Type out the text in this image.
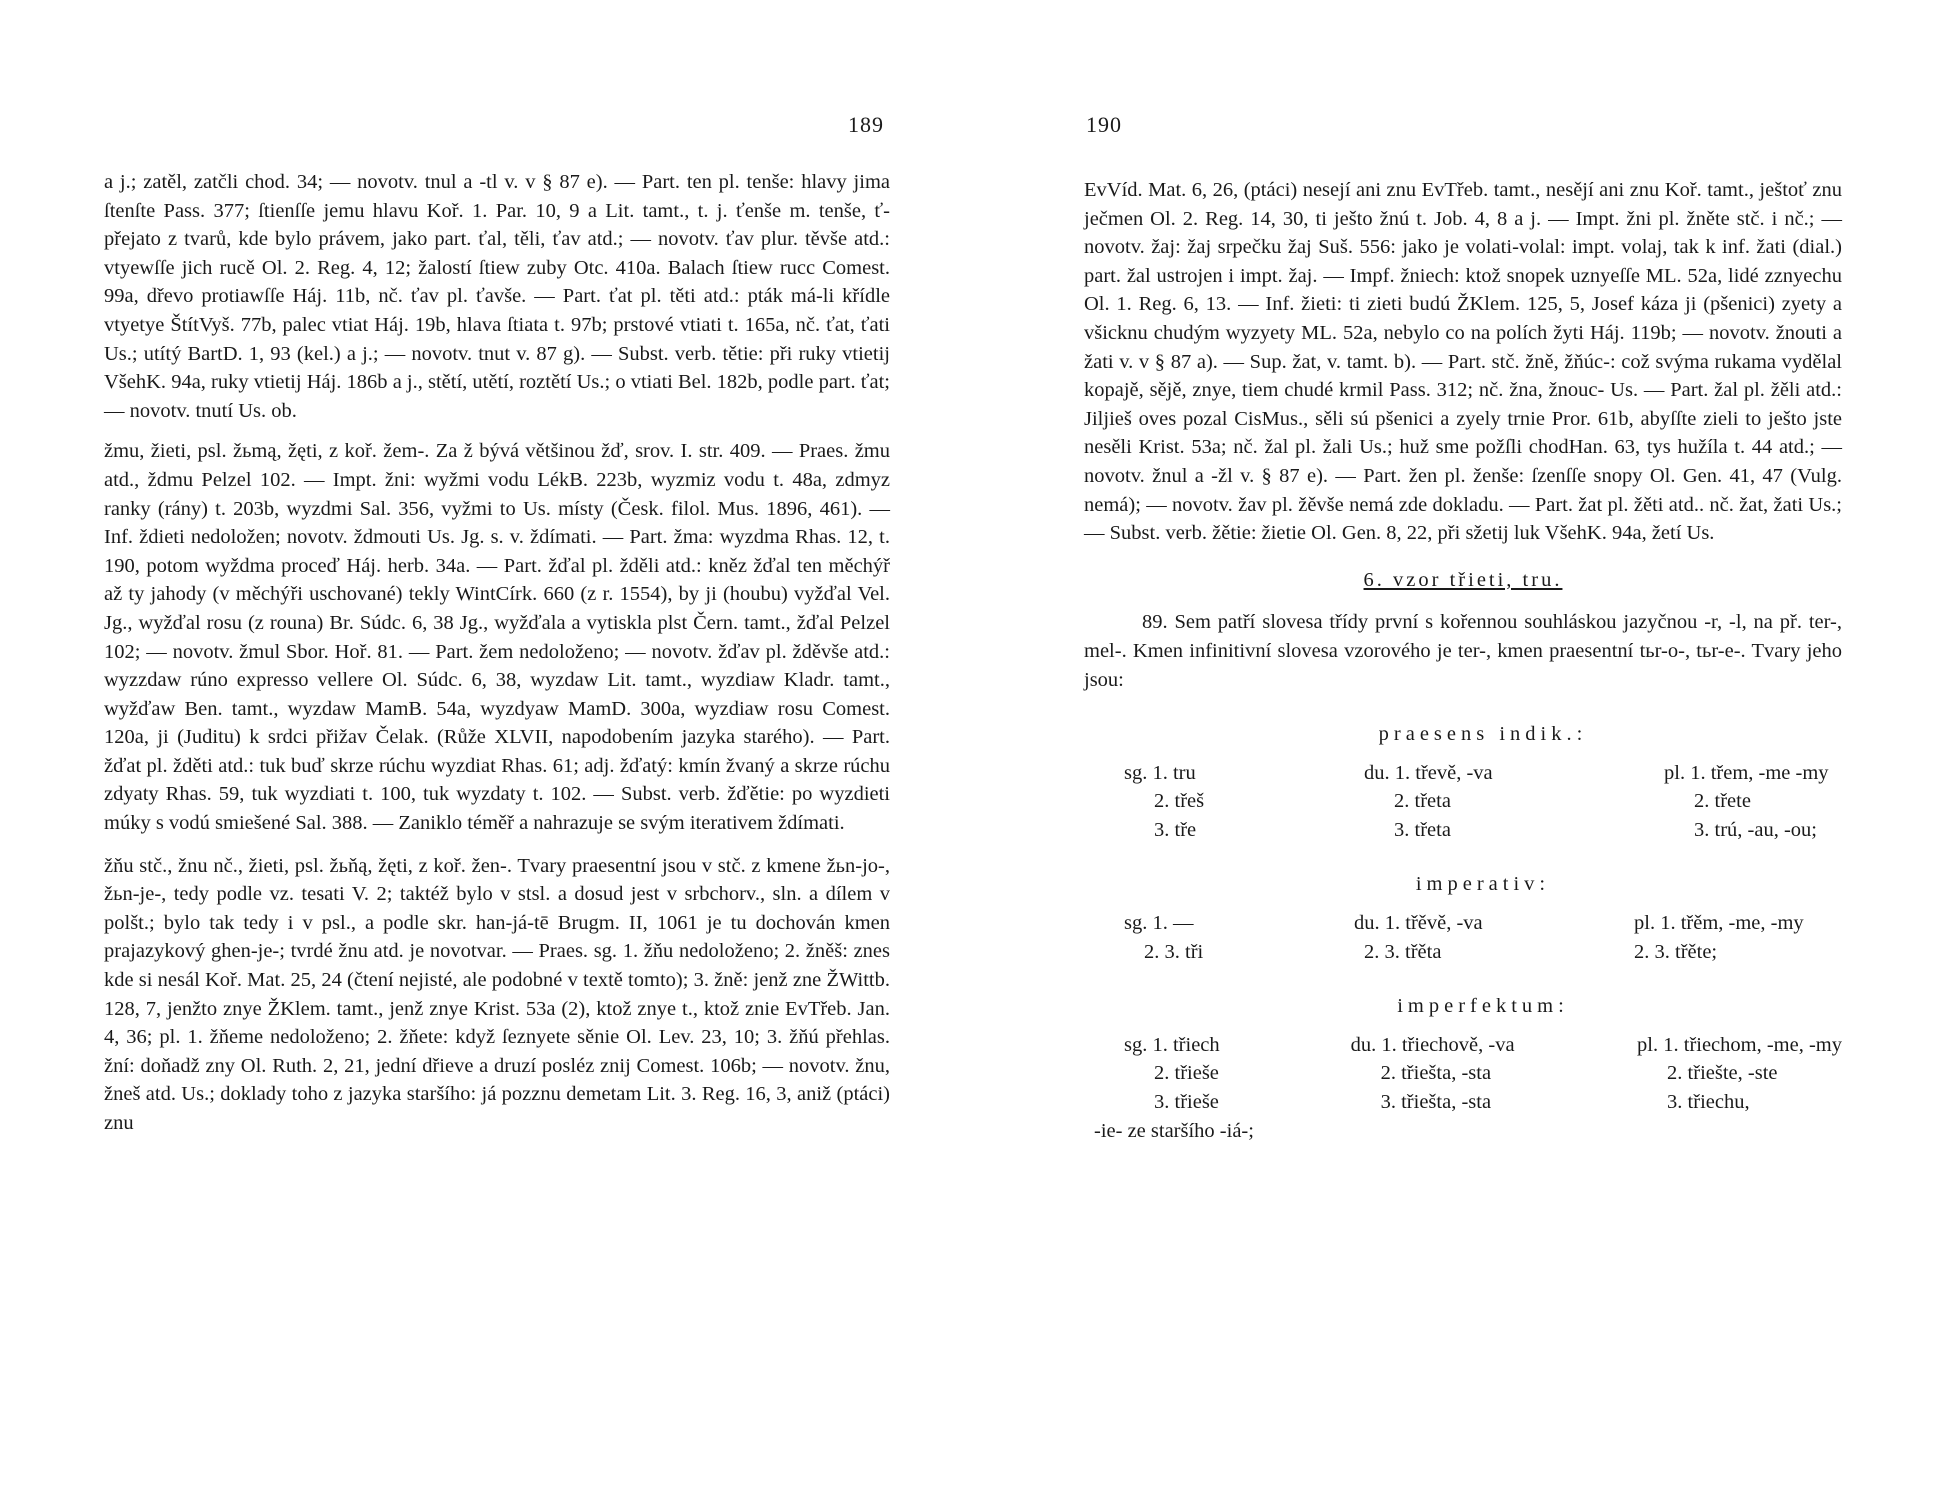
189

a j.; zatěl, zatčli chod. 34; — novotv. tnul a -tl v. v § 87 e). — Part. ten pl. tenše: hlavy jima ſtenſte Pass. 377; ſtienſſe jemu hlavu Koř. 1. Par. 10, 9 a Lit. tamt., t. j. ťenše m. tenše, ť- přejato z tvarů, kde bylo právem, jako part. ťal, těli, ťav atd.; — novotv. ťav plur. těvše atd.: vtyewſſe jich rucě Ol. 2. Reg. 4, 12; žalostí ſtiew zuby Otc. 410a. Balach ſtiew rucc Comest. 99a, dřevo protiawſſe Háj. 11b, nč. ťav pl. ťavše. — Part. ťat pl. těti atd.: pták má-li křídle vtyetye ŠtítVyš. 77b, palec vtiat Háj. 19b, hlava ſtiata t. 97b; prstové vtiati t. 165a, nč. ťat, ťati Us.; utítý BartD. 1, 93 (kel.) a j.; — novotv. tnut v. 87 g). — Subst. verb. tětie: při ruky vtietij VšehK. 94a, ruky vtietij Háj. 186b a j., stětí, utětí, roztětí Us.; o vtiati Bel. 182b, podle part. ťat; — novotv. tnutí Us. ob.

žmu, žieti, psl. žьmą, žęti, z koř. žem-. Za ž bývá většinou žď, srov. I. str. 409. — Praes. žmu atd., ždmu Pelzel 102. — Impt. žni: wyžmi vodu LékB. 223b, wyzmiz vodu t. 48a, zdmyz ranky (rány) t. 203b, wyzdmi Sal. 356, vyžmi to Us. místy (Česk. filol. Mus. 1896, 461). — Inf. ždieti nedoložen; novotv. ždmouti Us. Jg. s. v. ždímati. — Part. žma: wyzdma Rhas. 12, t. 190, potom wyždma proceď Háj. herb. 34a. — Part. žďal pl. žděli atd.: kněz žďal ten měchýř až ty jahody (v měchýři uschované) tekly WintCírk. 660 (z r. 1554), by ji (houbu) vyžďal Vel. Jg., wyžďal rosu (z rouna) Br. Súdc. 6, 38 Jg., wyžďala a vytiskla plst Čern. tamt., žďal Pelzel 102; — novotv. žmul Sbor. Hoř. 81. — Part. žem nedoloženo; — novotv. žďav pl. žděvše atd.: wyzzdaw rúno expresso vellere Ol. Súdc. 6, 38, wyzdaw Lit. tamt., wyzdiaw Kladr. tamt., wyžďaw Ben. tamt., wyzdaw MamB. 54a, wyzdyaw MamD. 300a, wyzdiaw rosu Comest. 120a, ji (Juditu) k srdci přižav Čelak. (Růže XLVII, napodobením jazyka starého). — Part. žďat pl. žděti atd.: tuk buď skrze rúchu wyzdiat Rhas. 61; adj. žďatý: kmín žvaný a skrze rúchu zdyaty Rhas. 59, tuk wyzdiati t. 100, tuk wyzdaty t. 102. — Subst. verb. žďětie: po wyzdieti múky s vodú smiešené Sal. 388. — Zaniklo téměř a nahrazuje se svým iterativem ždímati.

žňu stč., žnu nč., žieti, psl. žьňą, žęti, z koř. žen-. Tvary praesentní jsou v stč. z kmene žьn-jo-, žьn-je-, tedy podle vz. tesati V. 2; taktéž bylo v stsl. a dosud jest v srbchorv., sln. a dílem v polšt.; bylo tak tedy i v psl., a podle skr. han-já-tē Brugm. II, 1061 je tu dochován kmen prajazykový ghen-je-; tvrdé žnu atd. je novotvar. — Praes. sg. 1. žňu nedoloženo; 2. žněš: znes kde si nesál Koř. Mat. 25, 24 (čtení nejisté, ale podobné v textě tomto); 3. žně: jenž zne ŽWittb. 128, 7, jenžto znye ŽKlem. tamt., jenž znye Krist. 53a (2), ktož znye t., ktož znie EvTřeb. Jan. 4, 36; pl. 1. žňeme nedoloženo; 2. žňete: když ſeznyete sěnie Ol. Lev. 23, 10; 3. žňú přehlas. žní: doňadž zny Ol. Ruth. 2, 21, jední dřieve a druzí posléz znij Comest. 106b; — novotv. žnu, žneš atd. Us.; doklady toho z jazyka staršího: já pozznu demetam Lit. 3. Reg. 16, 3, aniž (ptáci) znu

190

EvVíd. Mat. 6, 26, (ptáci) nesejí ani znu EvTřeb. tamt., nesějí ani znu Koř. tamt., ještoť znu ječmen Ol. 2. Reg. 14, 30, ti ješto žnú t. Job. 4, 8 a j. — Impt. žni pl. žněte stč. i nč.; — novotv. žaj: žaj srpečku žaj Suš. 556: jako je volati-volal: impt. volaj, tak k inf. žati (dial.) part. žal ustrojen i impt. žaj. — Impf. žniech: ktož snopek uznyeſſe ML. 52a, lidé zznyechu Ol. 1. Reg. 6, 13. — Inf. žieti: ti zieti budú ŽKlem. 125, 5, Josef káza ji (pšenici) zyety a všicknu chudým wyzyety ML. 52a, nebylo co na polích žyti Háj. 119b; — novotv. žnouti a žati v. v § 87 a). — Sup. žat, v. tamt. b). — Part. stč. žně, žňúc-: což svýma rukama vydělal kopajě, sějě, znye, tiem chudé krmil Pass. 312; nč. žna, žnouc- Us. — Part. žal pl. žěli atd.: Jiljieš oves pozal CisMus., sěli sú pšenici a zyely trnie Pror. 61b, abyſſte zieli to ješto jste nesěli Krist. 53a; nč. žal pl. žali Us.; huž sme požſli chodHan. 63, tys hužíla t. 44 atd.; — novotv. žnul a -žl v. § 87 e). — Part. žen pl. ženše: ſzenſſe snopy Ol. Gen. 41, 47 (Vulg. nemá); — novotv. žav pl. žěvše nemá zde dokladu. — Part. žat pl. žěti atd.. nč. žat, žati Us.; — Subst. verb. žětie: žietie Ol. Gen. 8, 22, při sžetij luk VšehK. 94a, žetí Us.

6. vzor třieti, tru.

89. Sem patří slovesa třídy první s kořennou souhláskou jazyčnou -r, -l, na př. ter-, mel-. Kmen infinitivní slovesa vzorového je ter-, kmen praesentní tьr-o-, tьr-e-. Tvary jeho jsou:

praesens indik.:
sg. 1. tru	du. 1. třevě, -va	pl. 1. třem, -me -my
2. třeš	2. třeta	2. třete
3. tře	3. třeta	3. trú, -au, -ou;
imperativ:
sg. 1. —	du. 1. třěvě, -va	pl. 1. třěm, -me, -my
2. 3. tři	2. 3. třěta	2. 3. třěte;
imperfektum:
sg. 1. třiech	du. 1. třiechově, -va	pl. 1. třiechom, -me, -my
2. třieše	2. třiešta, -sta	2. třiešte, -ste
3. třieše	3. třiešta, -sta	3. třiechu,
-ie- ze staršího -iá-;
